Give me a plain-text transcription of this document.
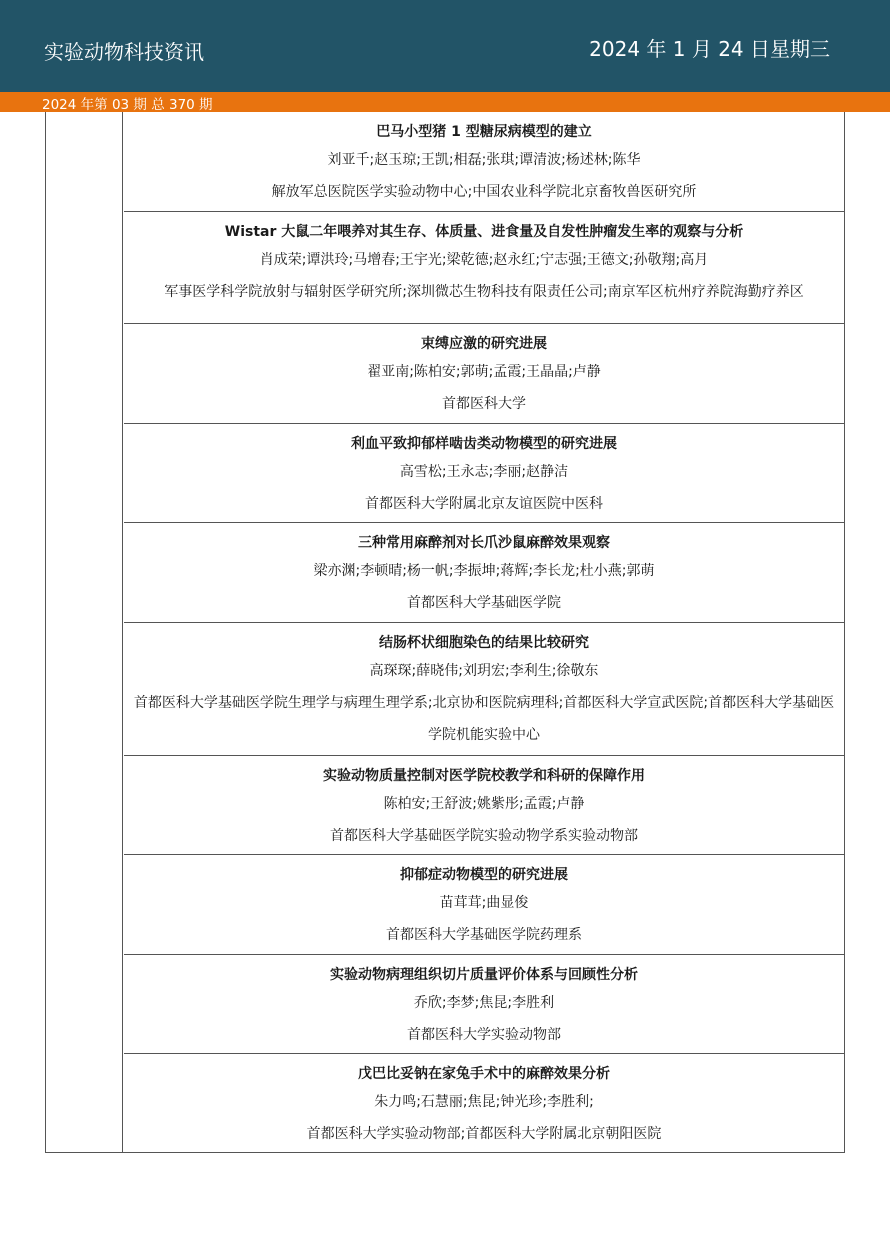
实验动物科技资讯	2024 年 1 月 24 日星期三
2024 年第 03 期 总 370 期
巴马小型猪 1 型糖尿病模型的建立
刘亚千;赵玉琼;王凯;相磊;张琪;谭清波;杨述林;陈华
解放军总医院医学实验动物中心;中国农业科学院北京畜牧兽医研究所
Wistar 大鼠二年喂养对其生存、体质量、进食量及自发性肿瘤发生率的观察与分析
肖成荣;谭洪玲;马增春;王宇光;梁乾德;赵永红;宁志强;王德文;孙敬翔;高月
军事医学科学院放射与辐射医学研究所;深圳微芯生物科技有限责任公司;南京军区杭州疗养院海勤疗养区
束缚应激的研究进展
翟亚南;陈柏安;郭萌;孟霞;王晶晶;卢静
首都医科大学
利血平致抑郁样啮齿类动物模型的研究进展
高雪松;王永志;李丽;赵静洁
首都医科大学附属北京友谊医院中医科
三种常用麻醉剂对长爪沙鼠麻醉效果观察
梁亦渊;李顿晴;杨一帆;李振坤;蒋辉;李长龙;杜小燕;郭萌
首都医科大学基础医学院
结肠杯状细胞染色的结果比较研究
高琛琛;薛晓伟;刘玥宏;李利生;徐敬东
首都医科大学基础医学院生理学与病理生理学系;北京协和医院病理科;首都医科大学宣武医院;首都医科大学基础医学院机能实验中心
实验动物质量控制对医学院校教学和科研的保障作用
陈柏安;王舒波;姚紫彤;孟霞;卢静
首都医科大学基础医学院实验动物学系实验动物部
抑郁症动物模型的研究进展
苗茸茸;曲显俊
首都医科大学基础医学院药理系
实验动物病理组织切片质量评价体系与回顾性分析
乔欣;李梦;焦昆;李胜利
首都医科大学实验动物部
戊巴比妥钠在家兔手术中的麻醉效果分析
朱力鸣;石慧丽;焦昆;钟光珍;李胜利;
首都医科大学实验动物部;首都医科大学附属北京朝阳医院
